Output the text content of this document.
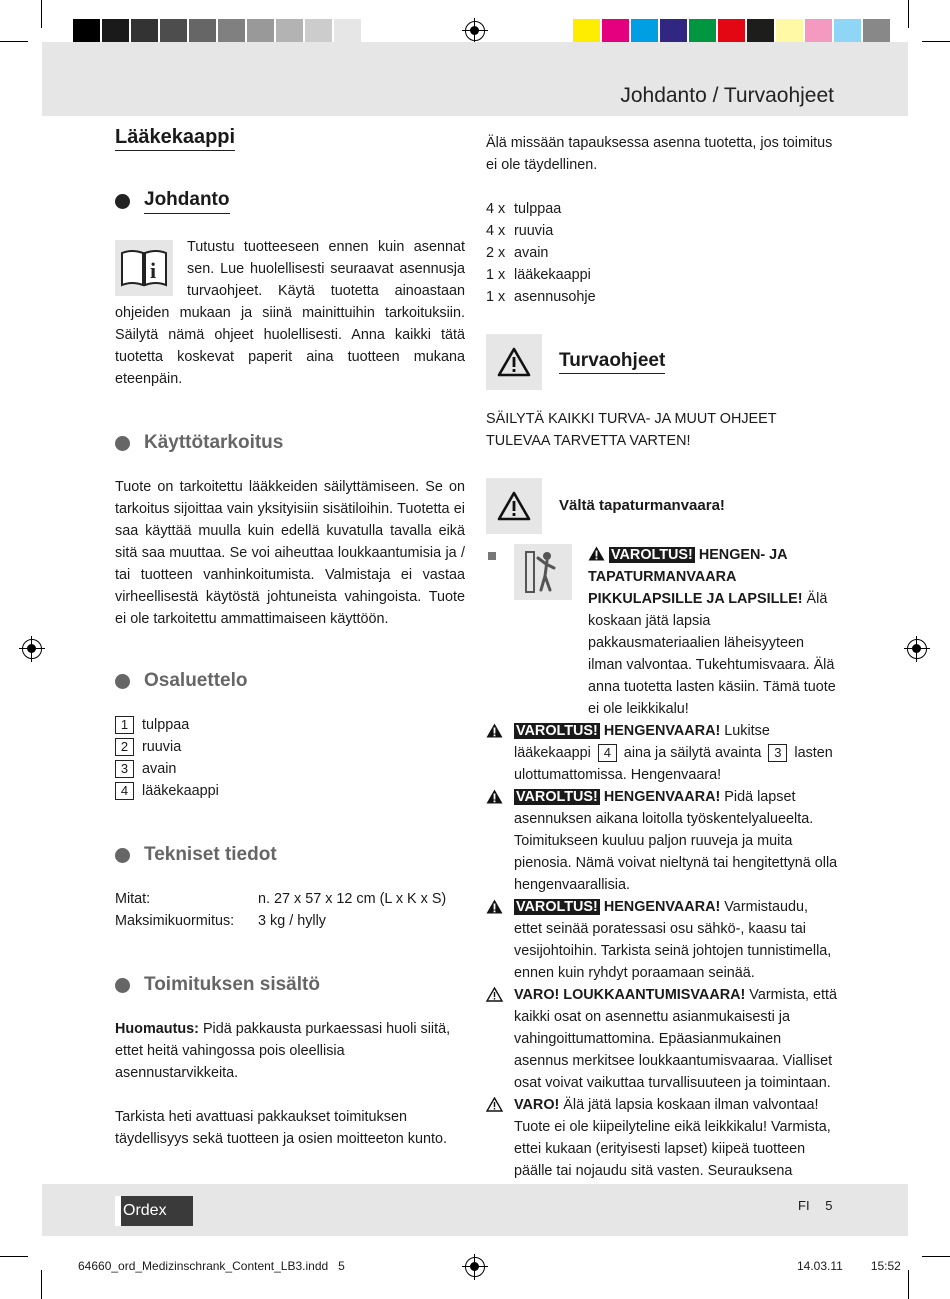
Johdanto / Turvaohjeet
Lääkekaappi
Johdanto
i

Tutustu tuotteeseen ennen kuin asennat sen. Lue huolellisesti seuraavat asennusja turvaohjeet. Käytä tuotetta ainoastaan ohjeiden mukaan ja siinä mainittuihin tarkoituksiin. Säilytä nämä ohjeet huolellisesti. Anna kaikki tätä tuotetta koskevat paperit aina tuotteen mukana eteenpäin.

Käyttötarkoitus

Tuote on tarkoitettu lääkkeiden säilyttämiseen. Se on tarkoitus sijoittaa vain yksityisiin sisätiloihin. Tuotetta ei saa käyttää muulla kuin edellä kuvatulla tavalla eikä sitä saa muuttaa. Se voi aiheuttaa loukkaantumisia ja / tai tuotteen vanhinkoitumista. Valmistaja ei vastaa virheellisestä käytöstä johtuneista vahingoista. Tuote ei ole tarkoitettu ammattimaiseen käyttöön.

Osaluettelo
1 tulppaa
2 ruuvia
3 avain
4 lääkekaappi
Tekniset tiedot
Mitat:	n. 27 x 57 x 12 cm (L x K x S)
Maksimikuormitus:	3 kg / hylly
Toimituksen sisältö

Huomautus: Pidä pakkausta purkaessasi huoli siitä, ettet heitä vahingossa pois oleellisia asennustarvikkeita.

Tarkista heti avattuasi pakkaukset toimituksen täydellisyys sekä tuotteen ja osien moitteeton kunto.

Älä missään tapauksessa asenna tuotetta, jos toimitus ei ole täydellinen.

4 x tulppaa
4 x ruuvia
2 x avain
1 x lääkekaappi
1 x asennusohje
Turvaohjeet

SÄILYTÄ KAIKKI TURVA- JA MUUT OHJEET TULEVAA TARVETTA VARTEN!

Vältä tapaturmanvaara!

VAROLTUS! HENGEN- JA TAPATURMANVAARA PIKKULAPSILLE JA LAPSILLE! Älä koskaan jätä lapsia pakkausmateriaalien läheisyyteen ilman valvontaa. Tukehtumisvaara. Älä anna tuotetta lasten käsiin. Tämä tuote ei ole leikkikalu!

VAROLTUS! HENGENVAARA! Lukitse lääkekaappi 4 aina ja säilytä avainta 3 lasten ulottumattomissa. Hengenvaara!

VAROLTUS! HENGENVAARA! Pidä lapset asennuksen aikana loitolla työskentelyalueelta. Toimitukseen kuuluu paljon ruuveja ja muita pienosia. Nämä voivat nieltynä tai hengitettynä olla hengenvaarallisia.

VAROLTUS! HENGENVAARA! Varmistaudu, ettet seinää poratessasi osu sähkö-, kaasu tai vesijohtoihin. Tarkista seinä johtojen tunnistimella, ennen kuin ryhdyt poraamaan seinää.

VARO! LOUKKAANTUMISVAARA! Varmista, että kaikki osat on asennettu asianmukaisesti ja vahingoittumattomina. Epäasianmukainen asennus merkitsee loukkaantumisvaaraa. Vialliset osat voivat vaikuttaa turvallisuuteen ja toimintaan.

VARO! Älä jätä lapsia koskaan ilman valvontaa! Tuote ei ole kiipeilyteline eikä leikkikalu! Varmista, ettei kukaan (erityisesti lapset) kiipeä tuotteen päälle tai nojaudu sitä vasten. Seurauksena

Ordex	FI 5
64660_ord_Medizinschrank_Content_LB3.indd   5	14.03.11   15:52
